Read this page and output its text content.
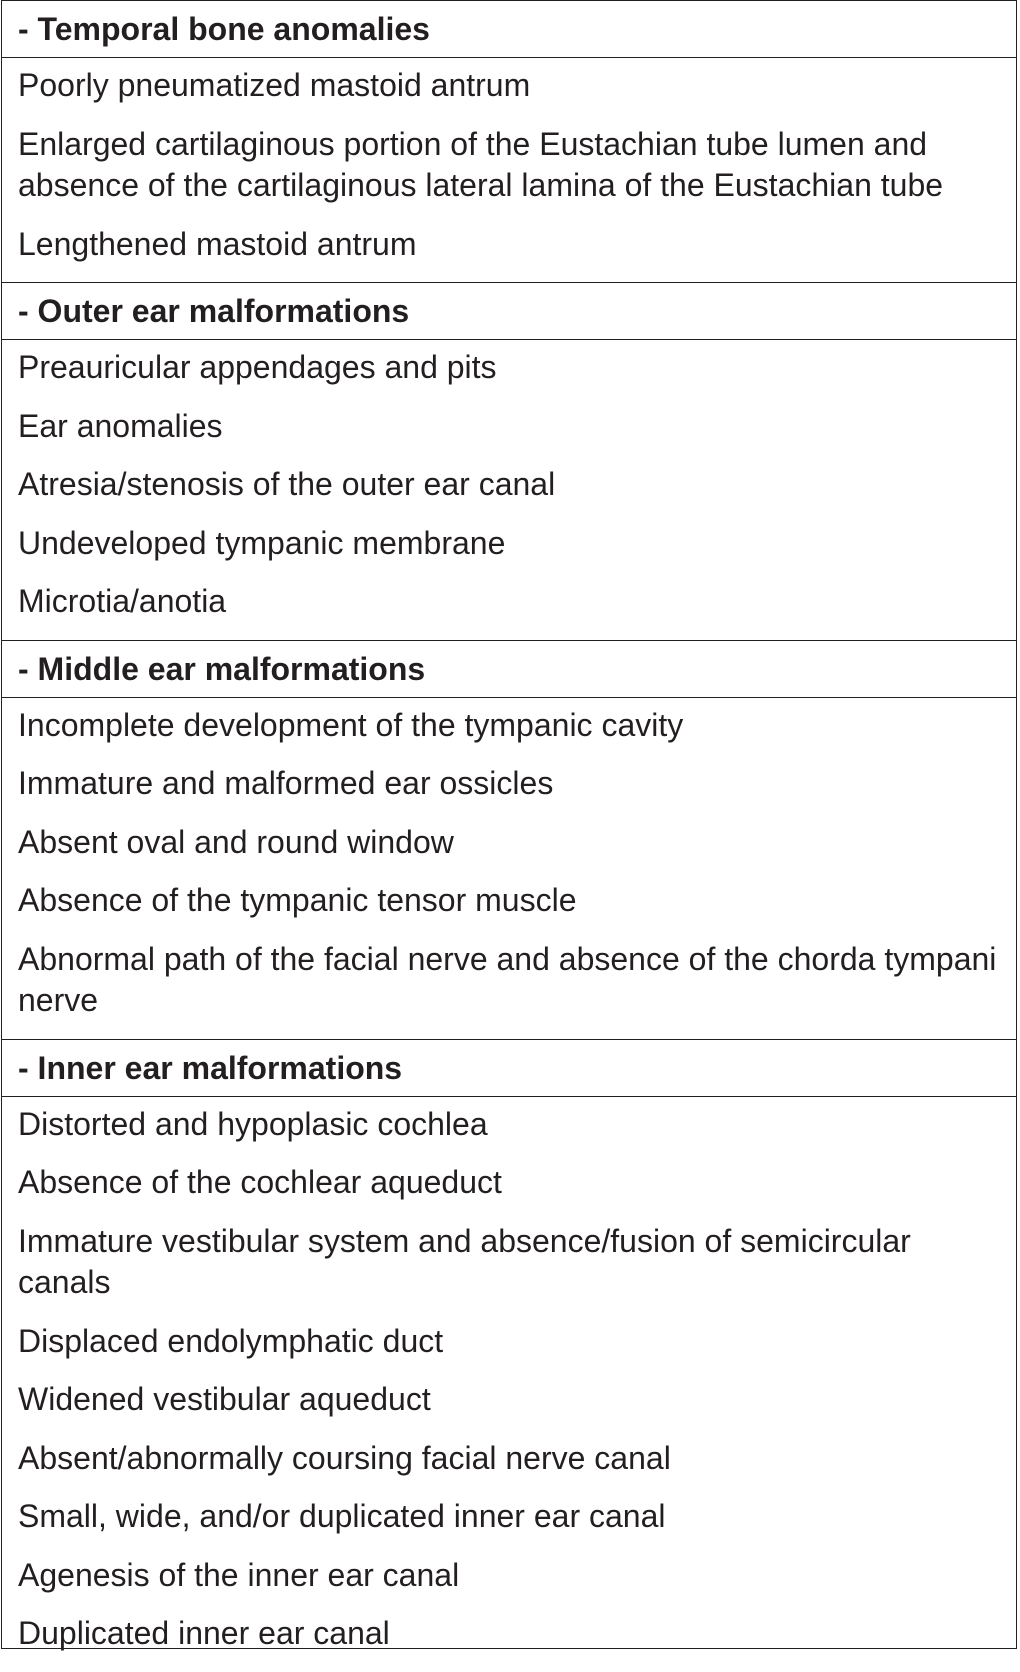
- Temporal bone anomalies
Poorly pneumatized mastoid antrum
Enlarged cartilaginous portion of the Eustachian tube lumen and absence of the cartilaginous lateral lamina of the Eustachian tube
Lengthened mastoid antrum
- Outer ear malformations
Preauricular appendages and pits
Ear anomalies
Atresia/stenosis of the outer ear canal
Undeveloped tympanic membrane
Microtia/anotia
- Middle ear malformations
Incomplete development of the tympanic cavity
Immature and malformed ear ossicles
Absent oval and round window
Absence of the tympanic tensor muscle
Abnormal path of the facial nerve and absence of the chorda tympani nerve
- Inner ear malformations
Distorted and hypoplasic cochlea
Absence of the cochlear aqueduct
Immature vestibular system and absence/fusion of semicircular canals
Displaced endolymphatic duct
Widened vestibular aqueduct
Absent/abnormally coursing facial nerve canal
Small, wide, and/or duplicated inner ear canal
Agenesis of the inner ear canal
Duplicated inner ear canal
